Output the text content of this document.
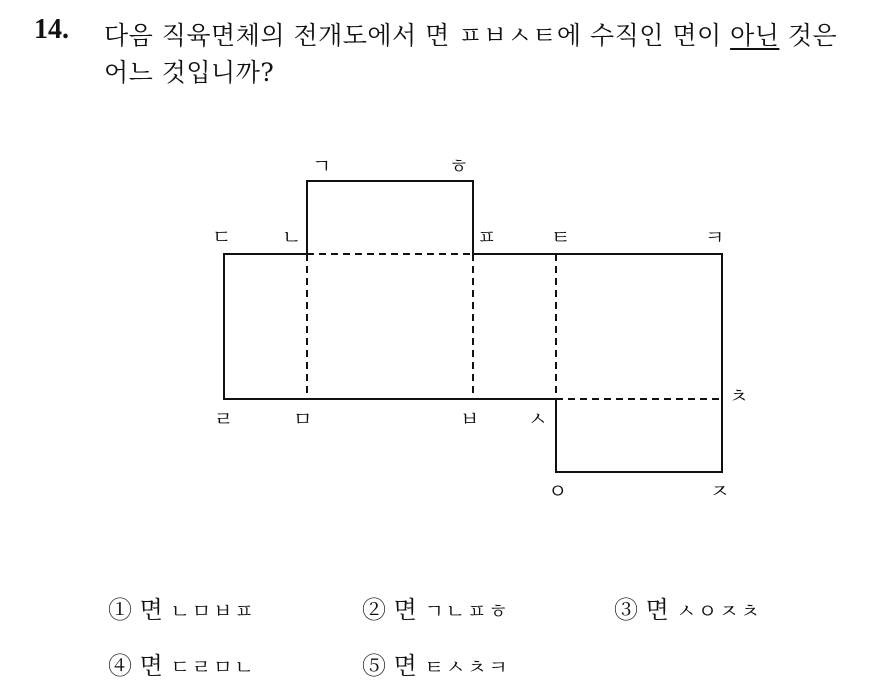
14. 다음 직육면체의 전개도에서 면 ㅍㅂㅅㅌ에 수직인 면이 아닌 것은
어느 것입니까?
ㄱ	ㅎ
ㄷ	ㄴ	ㅍ	ㅌ	ㅋ
ㅊ
ㄹ	ㅁ	ㅂ ㅅ
ㅇ	ㅈ
① 면 ㄴㅁㅂㅍ	② 면 ㄱㄴㅍㅎ	③ 면 ㅅㅇㅈㅊ
④ 면 ㄷㄹㅁㄴ	⑤ 면 ㅌㅅㅊㅋ
